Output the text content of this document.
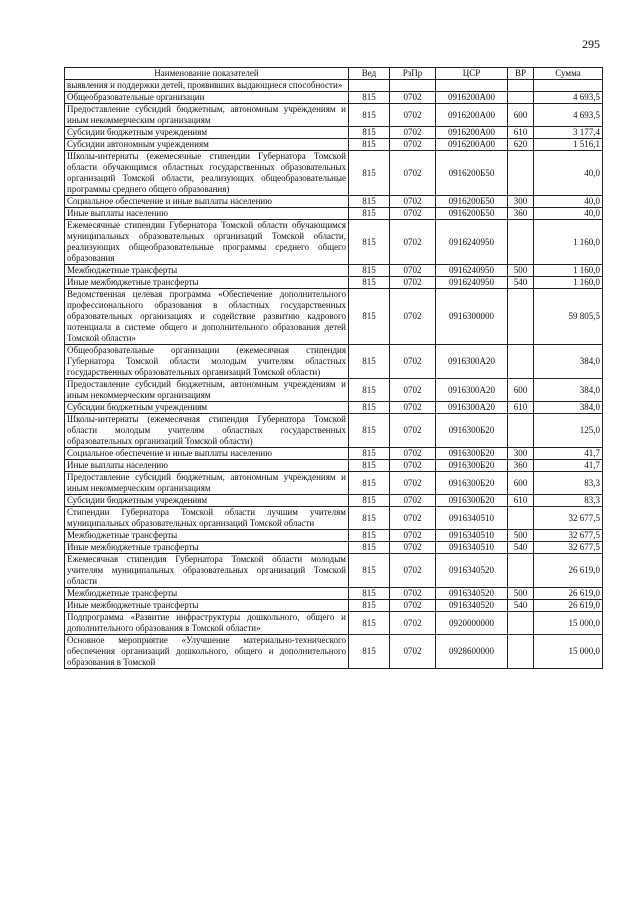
295
Наименование показателей	Вед	РзПр	ЦСР	ВР	Сумма
выявления и поддержки детей, проявивших выдающиеся способности»					
Общеобразовательные организации	815	0702	0916200А00		4 693,5
Предоставление субсидий бюджетным, автономным учреждениям и иным некоммерческим организациям	815	0702	0916200А00	600	4 693,5
Субсидии бюджетным учреждениям	815	0702	0916200А00	610	3 177,4
Субсидии автономным учреждениям	815	0702	0916200А00	620	1 516,1
Школы-интернаты (ежемесячные стипендии Губернатора Томской области обучающимся областных государственных образовательных организаций Томской области, реализующих общеобразовательные программы среднего общего образования)	815	0702	0916200Б50		40,0
Социальное обеспечение и иные выплаты населению	815	0702	0916200Б50	300	40,0
Иные выплаты населению	815	0702	0916200Б50	360	40,0
Ежемесячные стипендии Губернатора Томской области обучающимся муниципальных образовательных организаций Томской области, реализующих общеобразовательные программы среднего общего образования	815	0702	0916240950		1 160,0
Межбюджетные трансферты	815	0702	0916240950	500	1 160,0
Иные межбюджетные трансферты	815	0702	0916240950	540	1 160,0
Ведомственная целевая программа «Обеспечение дополнительного профессионального образования в областных государственных образовательных организациях и содействие развитию кадрового потенциала в системе общего и дополнительного образования детей Томской области»	815	0702	0916300000		59 805,5
Общеобразовательные организации (ежемесячная стипендия Губернатора Томской области молодым учителям областных государственных образовательных организаций Томской области)	815	0702	0916300А20		384,0
Предоставление субсидий бюджетным, автономным учреждениям и иным некоммерческим организациям	815	0702	0916300А20	600	384,0
Субсидии бюджетным учреждениям	815	0702	0916300А20	610	384,0
Школы-интернаты (ежемесячная стипендия Губернатора Томской области молодым учителям областных государственных образовательных организаций Томской области)	815	0702	0916300Б20		125,0
Социальное обеспечение и иные выплаты населению	815	0702	0916300Б20	300	41,7
Иные выплаты населению	815	0702	0916300Б20	360	41,7
Предоставление субсидий бюджетным, автономным учреждениям и иным некоммерческим организациям	815	0702	0916300Б20	600	83,3
Субсидии бюджетным учреждениям	815	0702	0916300Б20	610	83,3
Стипендии Губернатора Томской области лучшим учителям муниципальных образовательных организаций Томской области	815	0702	0916340510		32 677,5
Межбюджетные трансферты	815	0702	0916340510	500	32 677,5
Иные межбюджетные трансферты	815	0702	0916340510	540	32 677,5
Ежемесячная стипендия Губернатора Томской области молодым учителям муниципальных образовательных организаций Томской области	815	0702	0916340520		26 619,0
Межбюджетные трансферты	815	0702	0916340520	500	26 619,0
Иные межбюджетные трансферты	815	0702	0916340520	540	26 619,0
Подпрограмма «Развитие инфраструктуры дошкольного, общего и дополнительного образования в Томской области»	815	0702	0920000000		15 000,0
Основное мероприятие «Улучшение материально-технического обеспечения организаций дошкольного, общего и дополнительного образования в Томской	815	0702	0928600000		15 000,0
